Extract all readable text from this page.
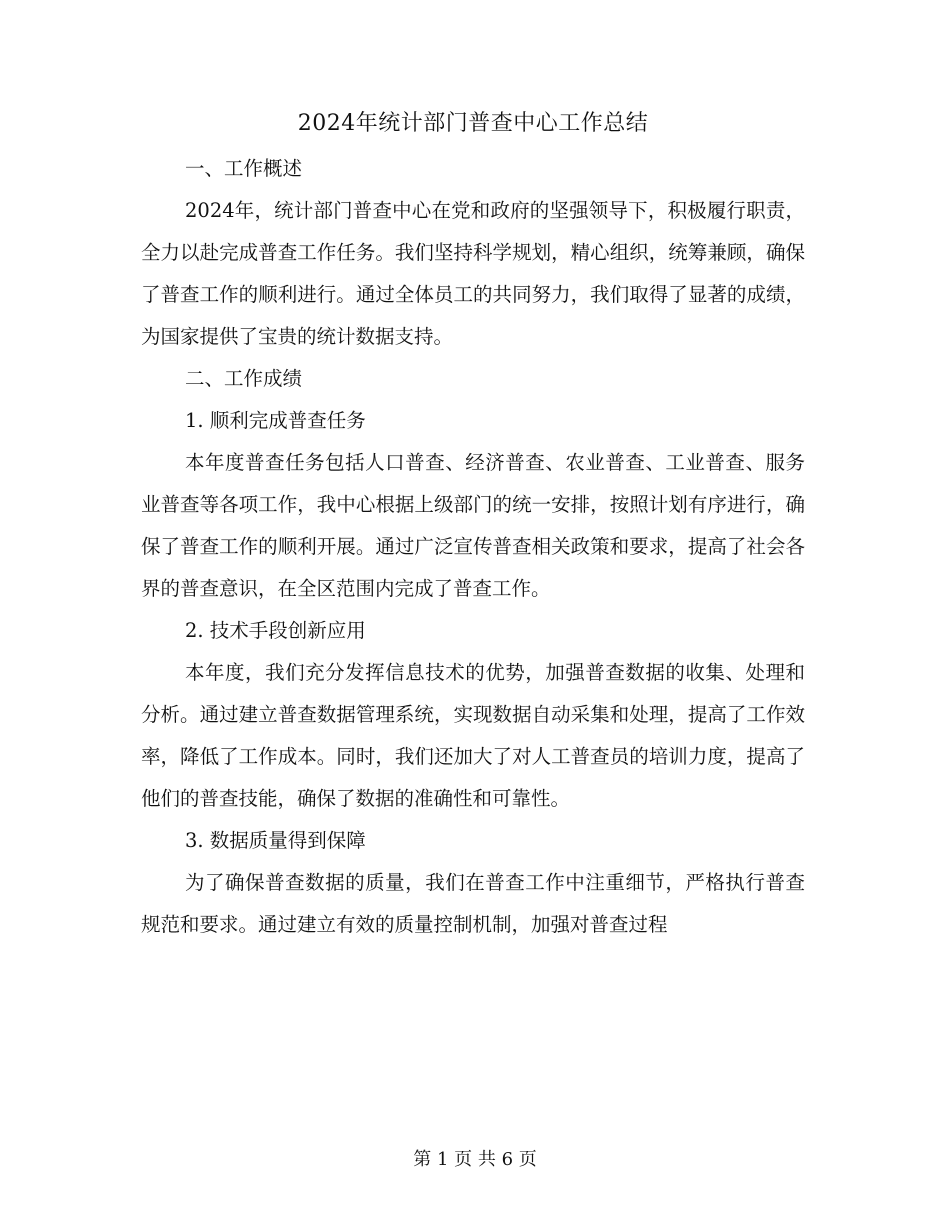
2024年统计部门普查中心工作总结

一、工作概述

2024年，统计部门普查中心在党和政府的坚强领导下，积极履行职责，全力以赴完成普查工作任务。我们坚持科学规划，精心组织，统筹兼顾，确保了普查工作的顺利进行。通过全体员工的共同努力，我们取得了显著的成绩，为国家提供了宝贵的统计数据支持。

二、工作成绩

1. 顺利完成普查任务

本年度普查任务包括人口普查、经济普查、农业普查、工业普查、服务业普查等各项工作，我中心根据上级部门的统一安排，按照计划有序进行，确保了普查工作的顺利开展。通过广泛宣传普查相关政策和要求，提高了社会各界的普查意识，在全区范围内完成了普查工作。

2. 技术手段创新应用

本年度，我们充分发挥信息技术的优势，加强普查数据的收集、处理和分析。通过建立普查数据管理系统，实现数据自动采集和处理，提高了工作效率，降低了工作成本。同时，我们还加大了对人工普查员的培训力度，提高了他们的普查技能，确保了数据的准确性和可靠性。

3. 数据质量得到保障

为了确保普查数据的质量，我们在普查工作中注重细节，严格执行普查规范和要求。通过建立有效的质量控制机制，加强对普查过程

第 1 页 共 6 页
